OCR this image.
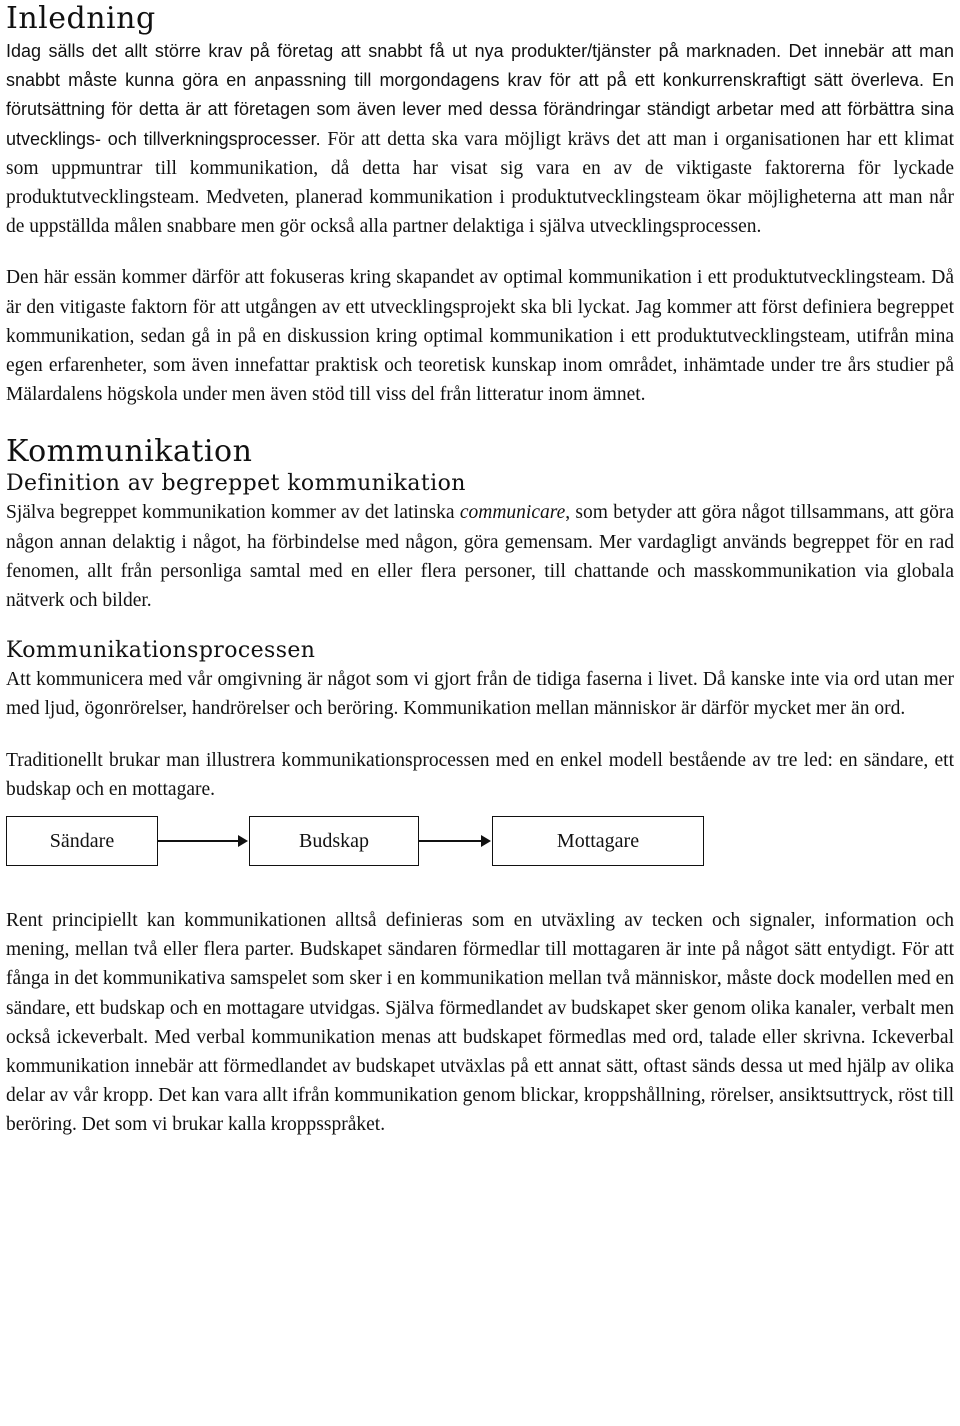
Inledning

Idag sälls det allt större krav på företag att snabbt få ut nya produkter/tjänster på marknaden. Det innebär att man snabbt måste kunna göra en anpassning till morgondagens krav för att på ett konkurrenskraftigt sätt överleva. En förutsättning för detta är att företagen som även lever med dessa förändringar ständigt arbetar med att förbättra sina utvecklings- och tillverkningsprocesser. För att detta ska vara möjligt krävs det att man i organisationen har ett klimat som uppmuntrar till kommunikation, då detta har visat sig vara en av de viktigaste faktorerna för lyckade produktutvecklingsteam. Medveten, planerad kommunikation i produktutvecklingsteam ökar möjligheterna att man når de uppställda målen snabbare men gör också alla partner delaktiga i själva utvecklingsprocessen.

Den här essän kommer därför att fokuseras kring skapandet av optimal kommunikation i ett produktutvecklingsteam. Då är den vitigaste faktorn för att utgången av ett utvecklingsprojekt ska bli lyckat. Jag kommer att först definiera begreppet kommunikation, sedan gå in på en diskussion kring optimal kommunikation i ett produktutvecklingsteam, utifrån mina egen erfarenheter, som även innefattar praktisk och teoretisk kunskap inom området, inhämtade under tre års studier på Mälardalens högskola under men även stöd till viss del från litteratur inom ämnet.

Kommunikation
Definition av begreppet kommunikation

Själva begreppet kommunikation kommer av det latinska communicare, som betyder att göra något tillsammans, att göra någon annan delaktig i något, ha förbindelse med någon, göra gemensam. Mer vardagligt används begreppet för en rad fenomen, allt från personliga samtal med en eller flera personer, till chattande och masskommunikation via globala nätverk och bilder.

Kommunikationsprocessen

Att kommunicera med vår omgivning är något som vi gjort från de tidiga faserna i livet. Då kanske inte via ord utan mer med ljud, ögonrörelser, handrörelser och beröring. Kommunikation mellan människor är därför mycket mer än ord.

Traditionellt brukar man illustrera kommunikationsprocessen med en enkel modell bestående av tre led: en sändare, ett budskap och en mottagare.

Sändare	Budskap	Mottagare

Rent principiellt kan kommunikationen alltså definieras som en utväxling av tecken och signaler, information och mening, mellan två eller flera parter. Budskapet sändaren förmedlar till mottagaren är inte på något sätt entydigt. För att fånga in det kommunikativa samspelet som sker i en kommunikation mellan två människor, måste dock modellen med en sändare, ett budskap och en mottagare utvidgas. Själva förmedlandet av budskapet sker genom olika kanaler, verbalt men också ickeverbalt. Med verbal kommunikation menas att budskapet förmedlas med ord, talade eller skrivna. Ickeverbal kommunikation innebär att förmedlandet av budskapet utväxlas på ett annat sätt, oftast sänds dessa ut med hjälp av olika delar av vår kropp. Det kan vara allt ifrån kommunikation genom blickar, kroppshållning, rörelser, ansiktsuttryck, röst till beröring. Det som vi brukar kalla kroppsspråket.
